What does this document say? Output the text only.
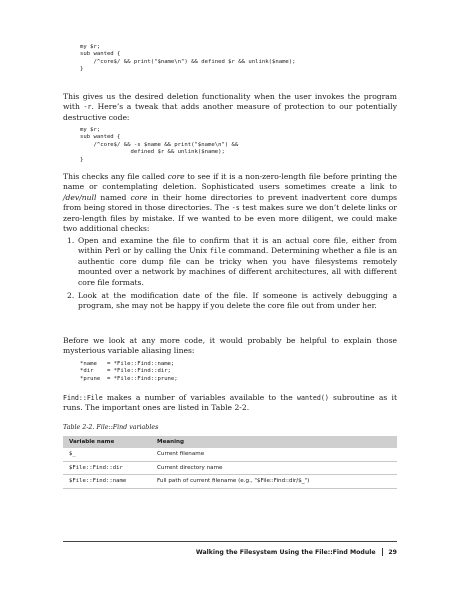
my $r;
sub wanted {
/^core$/ && print("$name\n") && defined $r && unlink($name);
}

This gives us the desired deletion functionality when the user invokes the program with -r. Here’s a tweak that adds another measure of protection to our potentially destructive code:

my $r;
sub wanted {
/^core$/ && -s $name && print("$name\n") &&
defined $r && unlink($name);
}

This checks any file called core to see if it is a non-zero-length file before printing the name or contemplating deletion. Sophisticated users sometimes create a link to /dev/null named core in their home directories to prevent inadvertent core dumps from being stored in those directories. The -s test makes sure we don’t delete links or zero-length files by mistake. If we wanted to be even more diligent, we could make two additional checks:

1. Open and examine the file to confirm that it is an actual core file, either from within Perl or by calling the Unix file command. Determining whether a file is an authentic core dump file can be tricky when you have filesystems remotely mounted over a network by machines of different architectures, all with different core file formats.
2. Look at the modification date of the file. If someone is actively debugging a program, she may not be happy if you delete the core file out from under her.

Before we look at any more code, it would probably be helpful to explain those mysterious variable aliasing lines:

*name   = *File::Find::name;
*dir    = *File::Find::dir;
*prune  = *File::Find::prune;

Find::File makes a number of variables available to the wanted() subroutine as it runs. The important ones are listed in Table 2-2.

Table 2-2. File::Find variables

Variable name	Meaning
$_	Current filename
$File::Find::dir	Current directory name
$File::Find::name	Full path of current filename (e.g., "$File::Find::dir/$_")
Walking the Filesystem Using the File::Find Module 29
